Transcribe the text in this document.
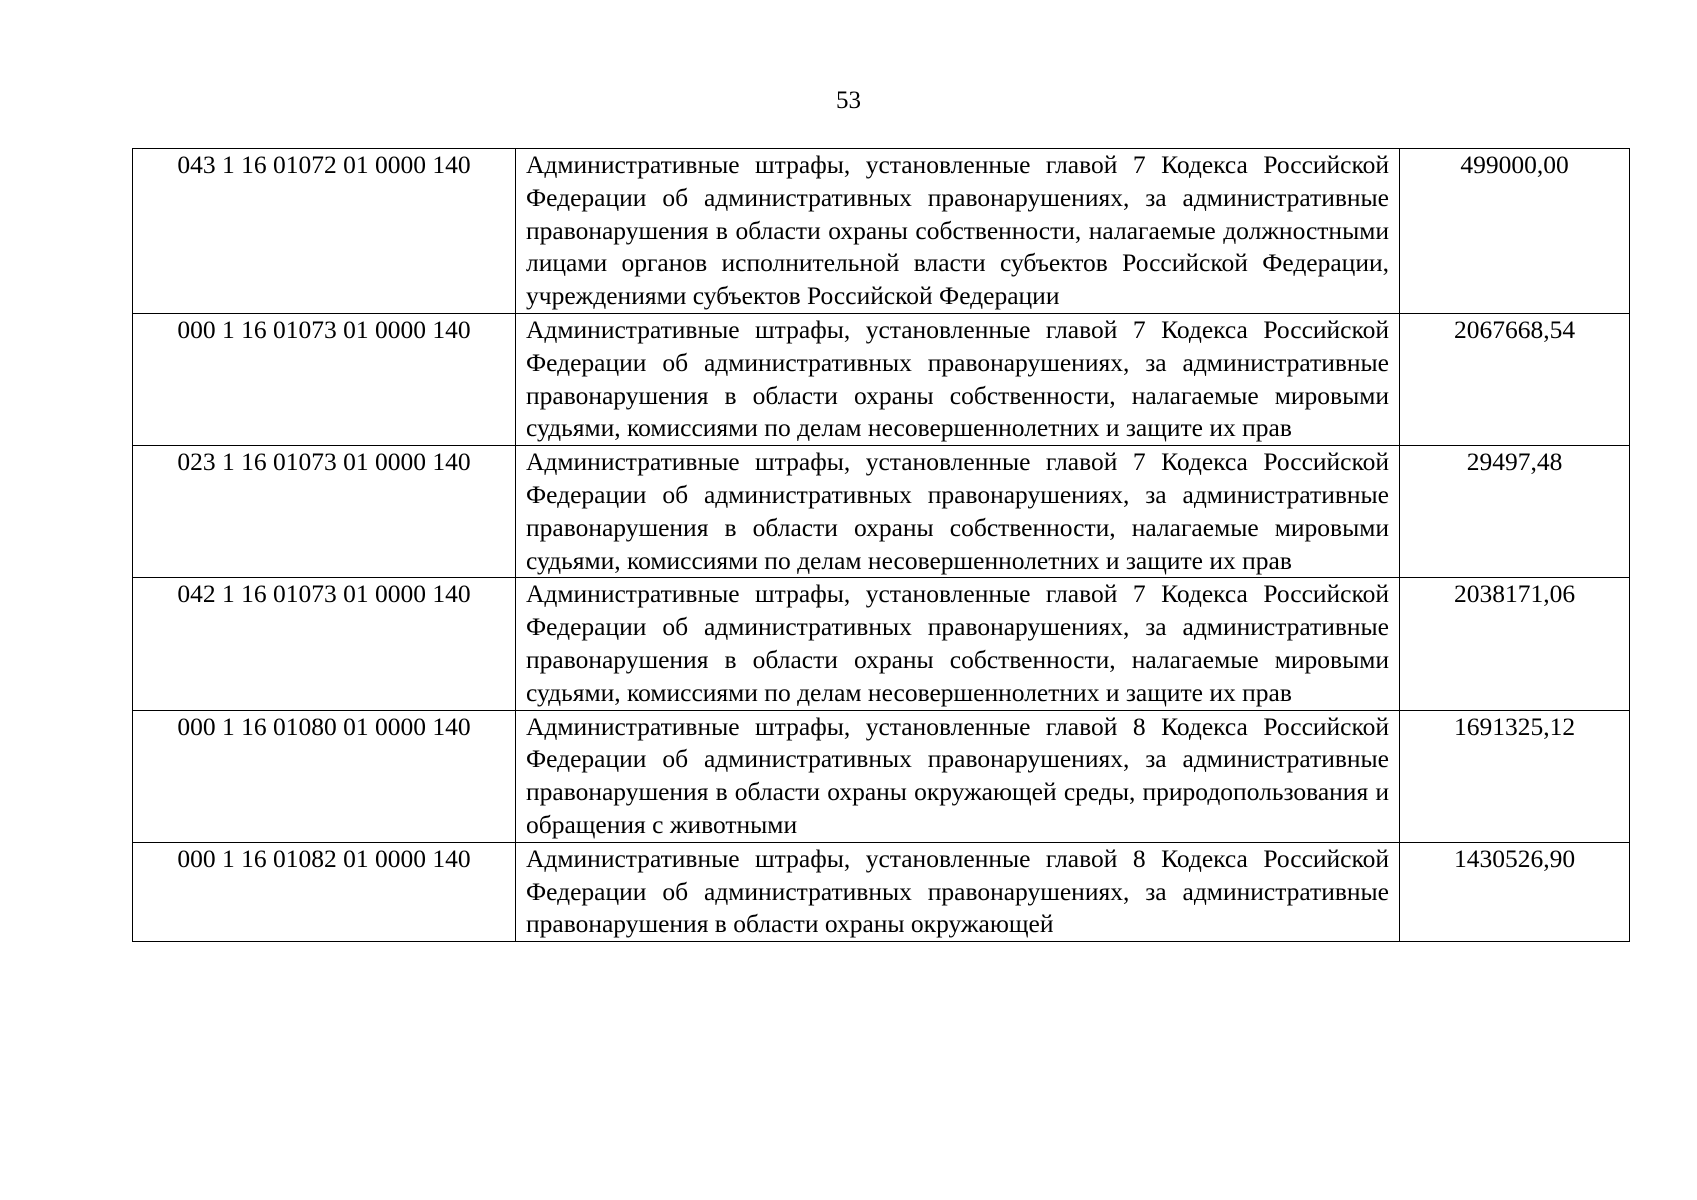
53
043 1 16 01072 01 0000 140	Административные штрафы, установленные главой 7 Кодекса Российской Федерации об административных правонарушениях, за административные правонарушения в области охраны собственности, налагаемые должностными лицами органов исполнительной власти субъектов Российской Федерации, учреждениями субъектов Российской Федерации	499000,00
000 1 16 01073 01 0000 140	Административные штрафы, установленные главой 7 Кодекса Российской Федерации об административных правонарушениях, за административные правонарушения в области охраны собственности, налагаемые мировыми судьями, комиссиями по делам несовершеннолетних и защите их прав	2067668,54
023 1 16 01073 01 0000 140	Административные штрафы, установленные главой 7 Кодекса Российской Федерации об административных правонарушениях, за административные правонарушения в области охраны собственности, налагаемые мировыми судьями, комиссиями по делам несовершеннолетних и защите их прав	29497,48
042 1 16 01073 01 0000 140	Административные штрафы, установленные главой 7 Кодекса Российской Федерации об административных правонарушениях, за административные правонарушения в области охраны собственности, налагаемые мировыми судьями, комиссиями по делам несовершеннолетних и защите их прав	2038171,06
000 1 16 01080 01 0000 140	Административные штрафы, установленные главой 8 Кодекса Российской Федерации об административных правонарушениях, за административные правонарушения в области охраны окружающей среды, природопользования и обращения с животными	1691325,12
000 1 16 01082 01 0000 140	Административные штрафы, установленные главой 8 Кодекса Российской Федерации об административных правонарушениях, за административные правонарушения в области охраны окружающей	1430526,90
